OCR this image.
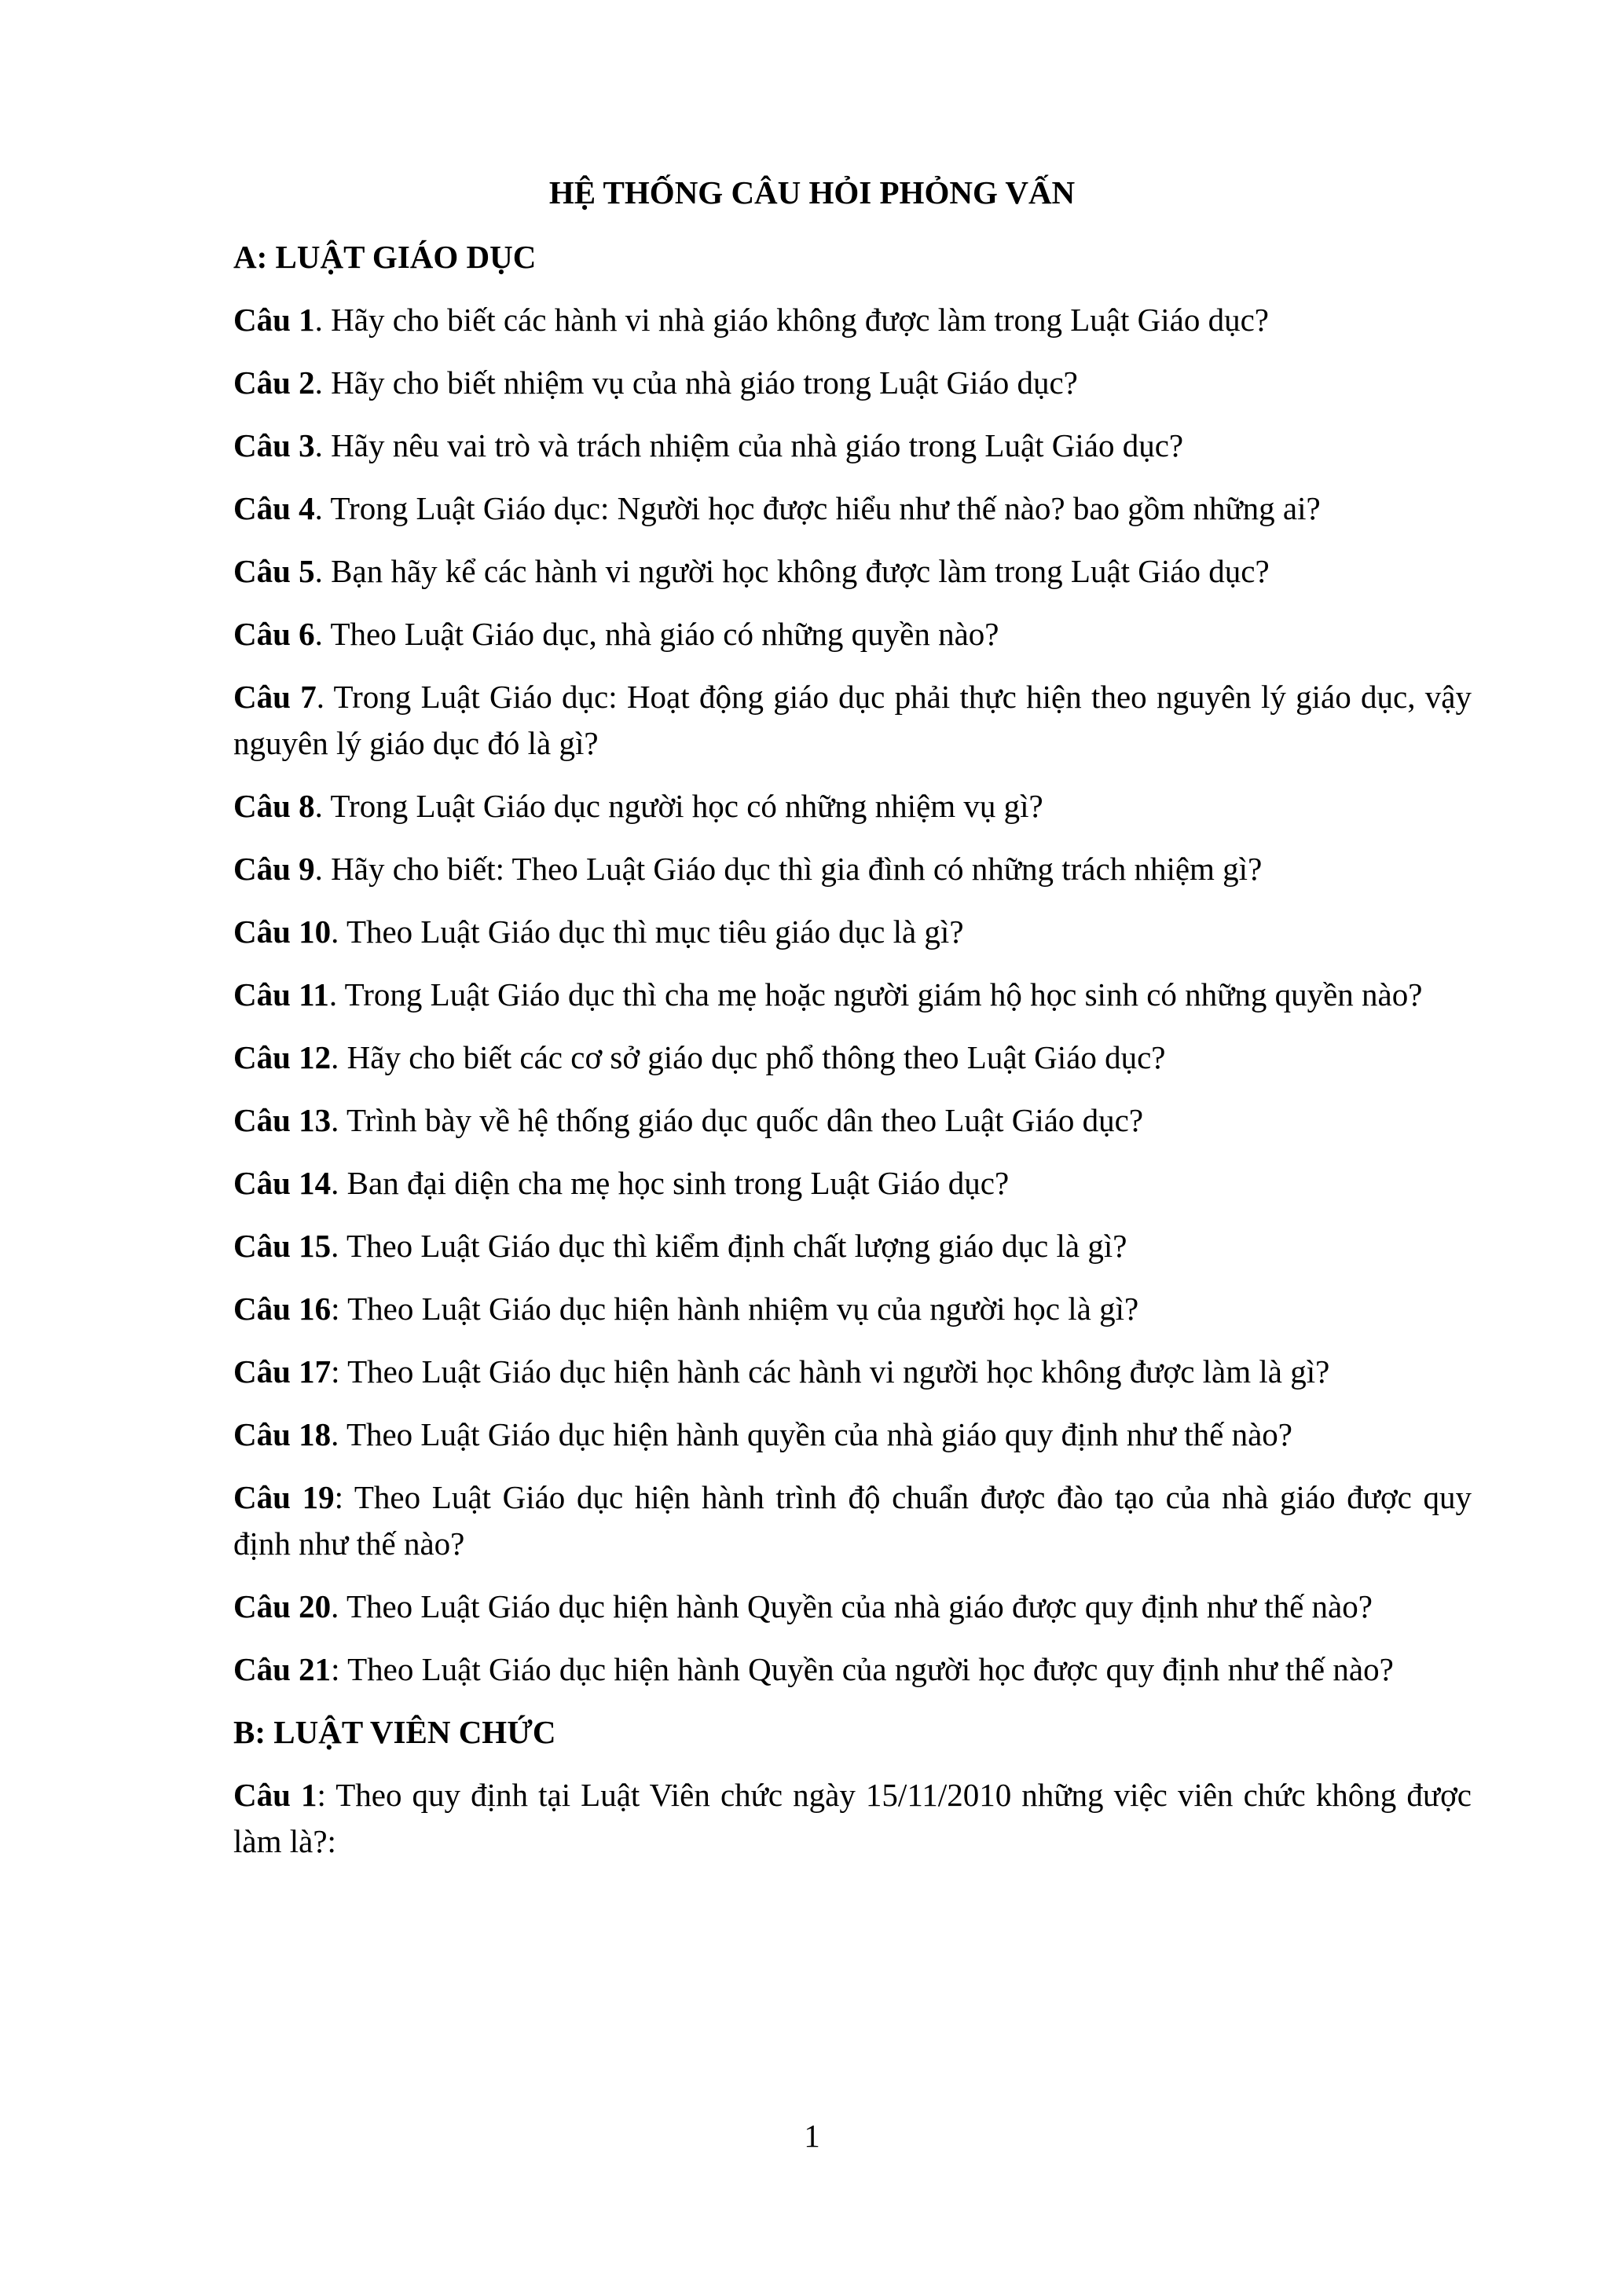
HỆ THỐNG CÂU HỎI PHỎNG VẤN
A: LUẬT GIÁO DỤC

Câu 1. Hãy cho biết các hành vi nhà giáo không được làm trong Luật Giáo dục?

Câu 2. Hãy cho biết nhiệm vụ của nhà giáo trong Luật Giáo dục?

Câu 3. Hãy nêu vai trò và trách nhiệm của nhà giáo trong Luật Giáo dục?

Câu 4. Trong Luật Giáo dục: Người học được hiểu như thế nào? bao gồm những ai?

Câu 5. Bạn hãy kể các hành vi người học không được làm trong Luật Giáo dục?

Câu 6. Theo Luật Giáo dục, nhà giáo có những quyền nào?

Câu 7. Trong Luật Giáo dục: Hoạt động giáo dục phải thực hiện theo nguyên lý giáo dục, vậy nguyên lý giáo dục đó là gì?

Câu 8. Trong Luật Giáo dục người học có những nhiệm vụ gì?

Câu 9. Hãy cho biết: Theo Luật Giáo dục thì gia đình có những trách nhiệm gì?

Câu 10. Theo Luật Giáo dục thì mục tiêu giáo dục là gì?

Câu 11. Trong Luật Giáo dục thì cha mẹ hoặc người giám hộ học sinh có những quyền nào?

Câu 12. Hãy cho biết các cơ sở giáo dục phổ thông theo Luật Giáo dục?

Câu 13. Trình bày về hệ thống giáo dục quốc dân theo Luật Giáo dục?

Câu 14. Ban đại diện cha mẹ học sinh trong Luật Giáo dục?

Câu 15. Theo Luật Giáo dục thì kiểm định chất lượng giáo dục là gì?

Câu 16: Theo Luật Giáo dục hiện hành nhiệm vụ của người học là gì?

Câu 17: Theo Luật Giáo dục hiện hành các hành vi người học không được làm là gì?

Câu 18. Theo Luật Giáo dục hiện hành quyền của nhà giáo quy định như thế nào?

Câu 19: Theo Luật Giáo dục hiện hành trình độ chuẩn được đào tạo của nhà giáo được quy định như thế nào?

Câu 20. Theo Luật Giáo dục hiện hành Quyền của nhà giáo được quy định như thế nào?

Câu 21: Theo Luật Giáo dục hiện hành Quyền của người học được quy định như thế nào?

B: LUẬT VIÊN CHỨC

Câu 1: Theo quy định tại Luật Viên chức ngày 15/11/2010 những việc viên chức không được làm là?:

1
